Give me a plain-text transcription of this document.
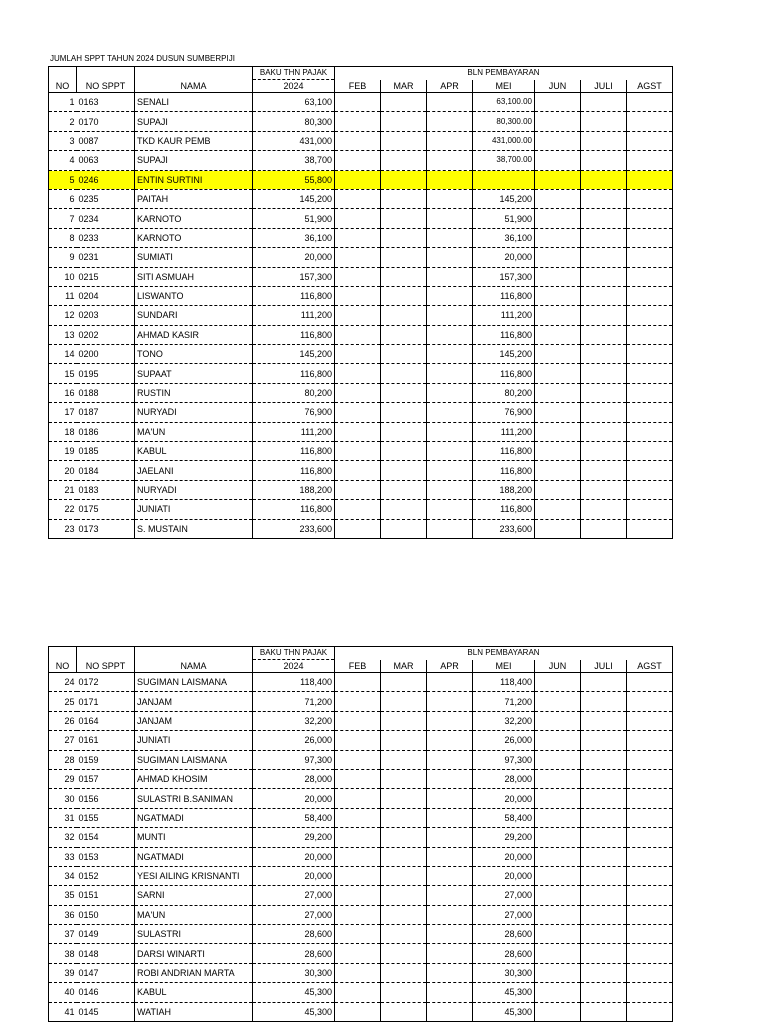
JUMLAH SPPT TAHUN 2024 DUSUN SUMBERPIJI
			BAKU THN PAJAK	BLN PEMBAYARAN						
NO	NO SPPT	NAMA	2024	FEB	MAR	APR	MEI	JUN	JULI	AGST
1	0163	SENALI	63,100				63,100.00			
2	0170	SUPAJI	80,300				80,300.00			
3	0087	TKD KAUR PEMB	431,000				431,000.00			
4	0063	SUPAJI	38,700				38,700.00			
5	0246	ENTIN SURTINI	55,800							
6	0235	PAITAH	145,200				145,200			
7	0234	KARNOTO	51,900				51,900			
8	0233	KARNOTO	36,100				36,100			
9	0231	SUMIATI	20,000				20,000			
10	0215	SITI ASMUAH	157,300				157,300			
11	0204	LISWANTO	116,800				116,800			
12	0203	SUNDARI	111,200				111,200			
13	0202	AHMAD KASIR	116,800				116,800			
14	0200	TONO	145,200				145,200			
15	0195	SUPAAT	116,800				116,800			
16	0188	RUSTIN	80,200				80,200			
17	0187	NURYADI	76,900				76,900			
18	0186	MA'UN	111,200				111,200			
19	0185	KABUL	116,800				116,800			
20	0184	JAELANI	116,800				116,800			
21	0183	NURYADI	188,200				188,200			
22	0175	JUNIATI	116,800				116,800			
23	0173	S. MUSTAIN	233,600				233,600			
			BAKU THN PAJAK	BLN PEMBAYARAN						
NO	NO SPPT	NAMA	2024	FEB	MAR	APR	MEI	JUN	JULI	AGST
24	0172	SUGIMAN LAISMANA	118,400				118,400			
25	0171	JANJAM	71,200				71,200			
26	0164	JANJAM	32,200				32,200			
27	0161	JUNIATI	26,000				26,000			
28	0159	SUGIMAN LAISMANA	97,300				97,300			
29	0157	AHMAD KHOSIM	28,000				28,000			
30	0156	SULASTRI B.SANIMAN	20,000				20,000			
31	0155	NGATMADI	58,400				58,400			
32	0154	MUNTI	29,200				29,200			
33	0153	NGATMADI	20,000				20,000			
34	0152	YESI AILING KRISNANTI	20,000				20,000			
35	0151	SARNI	27,000				27,000			
36	0150	MA'UN	27,000				27,000			
37	0149	SULASTRI	28,600				28,600			
38	0148	DARSI WINARTI	28,600				28,600			
39	0147	ROBI ANDRIAN MARTA	30,300				30,300			
40	0146	KABUL	45,300				45,300			
41	0145	WATIAH	45,300				45,300			
